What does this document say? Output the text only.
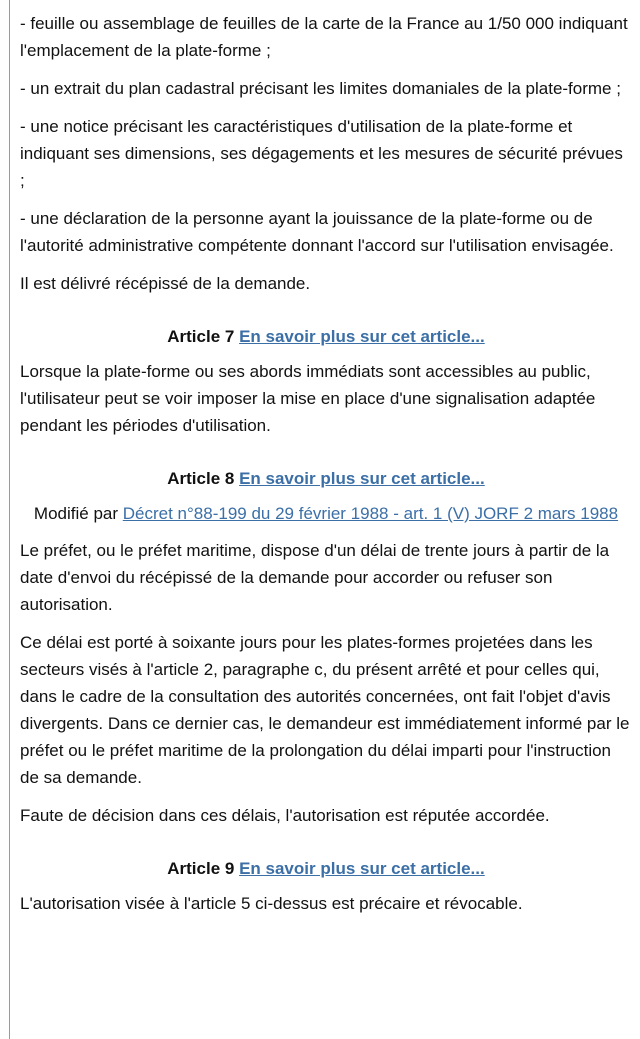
- feuille ou assemblage de feuilles de la carte de la France au 1/50 000 indiquant l'emplacement de la plate-forme ;

- un extrait du plan cadastral précisant les limites domaniales de la plate-forme ;

- une notice précisant les caractéristiques d'utilisation de la plate-forme et indiquant ses dimensions, ses dégagements et les mesures de sécurité prévues ;

- une déclaration de la personne ayant la jouissance de la plate-forme ou de l'autorité administrative compétente donnant l'accord sur l'utilisation envisagée.

Il est délivré récépissé de la demande.

Article 7 En savoir plus sur cet article...

Lorsque la plate-forme ou ses abords immédiats sont accessibles au public, l'utilisateur peut se voir imposer la mise en place d'une signalisation adaptée pendant les périodes d'utilisation.

Article 8 En savoir plus sur cet article...
Modifié par Décret n°88-199 du 29 février 1988 - art. 1 (V) JORF 2 mars 1988

Le préfet, ou le préfet maritime, dispose d'un délai de trente jours à partir de la date d'envoi du récépissé de la demande pour accorder ou refuser son autorisation.

Ce délai est porté à soixante jours pour les plates-formes projetées dans les secteurs visés à l'article 2, paragraphe c, du présent arrêté et pour celles qui, dans le cadre de la consultation des autorités concernées, ont fait l'objet d'avis divergents. Dans ce dernier cas, le demandeur est immédiatement informé par le préfet ou le préfet maritime de la prolongation du délai imparti pour l'instruction de sa demande.

Faute de décision dans ces délais, l'autorisation est réputée accordée.

Article 9 En savoir plus sur cet article...

L'autorisation visée à l'article 5 ci-dessus est précaire et révocable.
